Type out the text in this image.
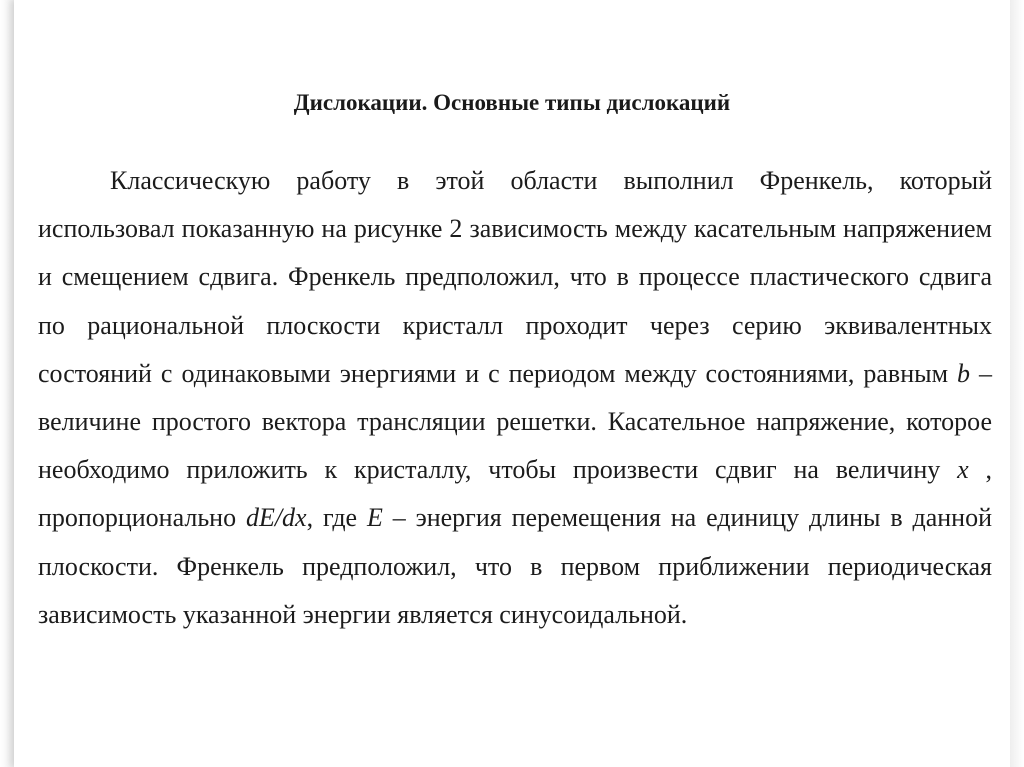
Дислокации. Основные типы дислокаций

Классическую работу в этой области выполнил Френкель, который использовал показанную на рисунке 2 зависимость между касательным напряжением и смещением сдвига. Френкель предположил, что в процессе пластического сдвига по рациональной плоскости кристалл проходит через серию эквивалентных состояний с одинаковыми энергиями и с периодом между состояниями, равным b – величине простого вектора трансляции решетки. Касательное напряжение, которое необходимо приложить к кристаллу, чтобы произвести сдвиг на величину x , пропорционально dE/dx, где E – энергия перемещения на единицу длины в данной плоскости. Френкель предположил, что в первом приближении периодическая зависимость указанной энергии является синусоидальной.
